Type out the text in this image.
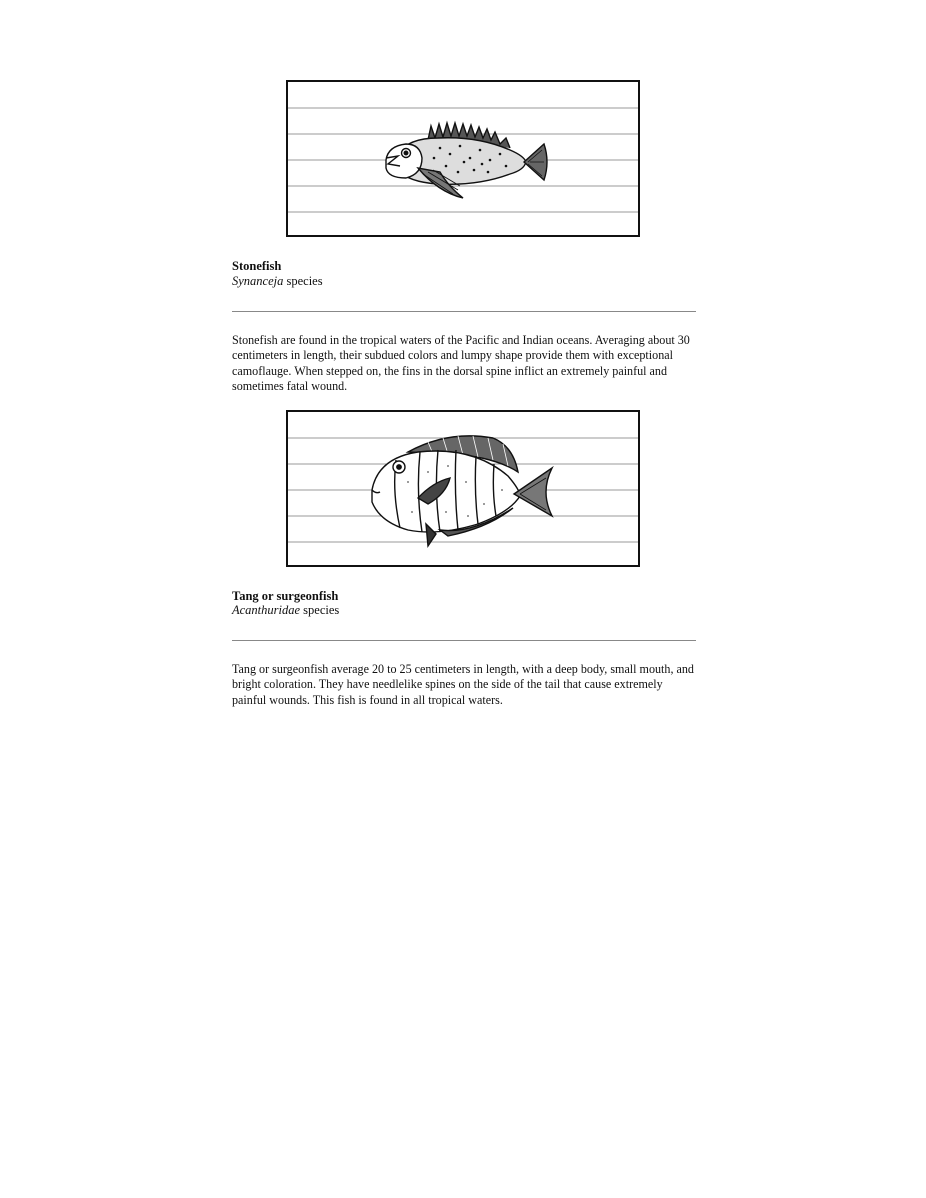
Stonefish
Synanceja species
Stonefish are found in the tropical waters of the Pacific and Indian oceans. Averaging about 30 centimeters in length, their subdued colors and lumpy shape provide them with exceptional camoflauge. When stepped on, the fins in the dorsal spine inflict an extremely painful and sometimes fatal wound.
Tang or surgeonfish
Acanthuridae species
Tang or surgeonfish average 20 to 25 centimeters in length, with a deep body, small mouth, and bright coloration. They have needlelike spines on the side of the tail that cause extremely painful wounds. This fish is found in all tropical waters.
